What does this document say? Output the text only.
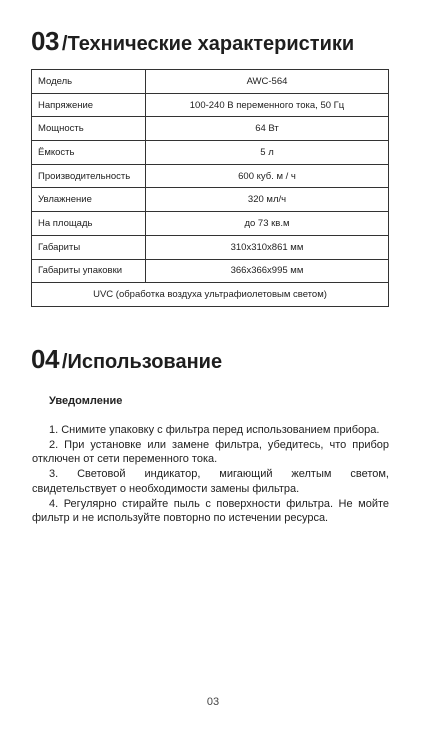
03 /Технические характеристики
Модель	AWC-564
Напряжение	100-240 В переменного тока, 50 Гц
Мощность	64 Вт
Ёмкость	5 л
Производительность	600 куб. м / ч
Увлажнение	320 мл/ч
На площадь	до 73 кв.м
Габариты	310x310x861 мм
Габариты упаковки	366x366x995 мм
UVC (обработка воздуха ультрафиолетовым светом)	
04 /Использование
Уведомление

1. Снимите упаковку с фильтра перед использованием прибора.

2. При установке или замене фильтра, убедитесь, что прибор отключен от сети переменного тока.

3. Световой индикатор, мигающий желтым светом, свидетельствует о необходимости замены фильтра.

4. Регулярно стирайте пыль с поверхности фильтра. Не мойте фильтр и не используйте повторно по истечении ресурса.

03
